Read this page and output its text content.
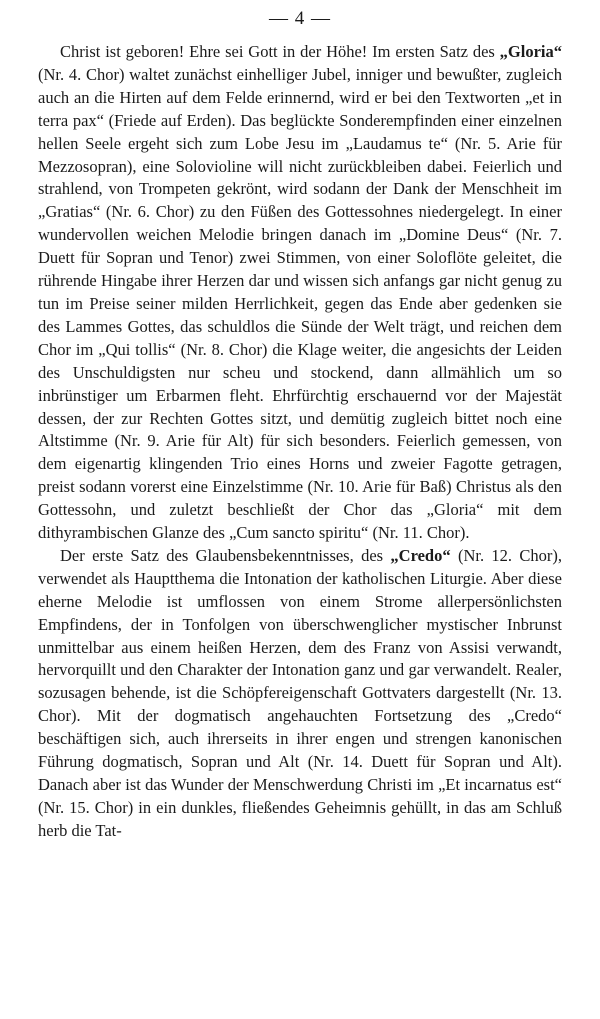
— 4 —

Christ ist geboren! Ehre sei Gott in der Höhe! Im ersten Satz des „Gloria“ (Nr. 4. Chor) waltet zunächst einhelliger Jubel, inniger und bewußter, zugleich auch an die Hirten auf dem Felde erinnernd, wird er bei den Textworten „et in terra pax“ (Friede auf Erden). Das beglückte Sonderempfinden einer einzelnen hellen Seele ergeht sich zum Lobe Jesu im „Laudamus te“ (Nr. 5. Arie für Mezzosopran), eine Solovioline will nicht zurückbleiben dabei. Feierlich und strahlend, von Trompeten gekrönt, wird sodann der Dank der Menschheit im „Gratias“ (Nr. 6. Chor) zu den Füßen des Gottessohnes niedergelegt. In einer wundervollen weichen Melodie bringen danach im „Domine Deus“ (Nr. 7. Duett für Sopran und Tenor) zwei Stimmen, von einer Soloflöte geleitet, die rührende Hingabe ihrer Herzen dar und wissen sich anfangs gar nicht genug zu tun im Preise seiner milden Herrlichkeit, gegen das Ende aber gedenken sie des Lammes Gottes, das schuldlos die Sünde der Welt trägt, und reichen dem Chor im „Qui tollis“ (Nr. 8. Chor) die Klage weiter, die angesichts der Leiden des Unschuldigsten nur scheu und stockend, dann allmählich um so inbrünstiger um Erbarmen fleht. Ehrfürchtig erschauernd vor der Majestät dessen, der zur Rechten Gottes sitzt, und demütig zugleich bittet noch eine Altstimme (Nr. 9. Arie für Alt) für sich besonders. Feierlich gemessen, von dem eigenartig klingenden Trio eines Horns und zweier Fagotte getragen, preist sodann vorerst eine Einzelstimme (Nr. 10. Arie für Baß) Christus als den Gottessohn, und zuletzt beschließt der Chor das „Gloria“ mit dem dithyrambischen Glanze des „Cum sancto spiritu“ (Nr. 11. Chor).

Der erste Satz des Glaubensbekenntnisses, des „Credo“ (Nr. 12. Chor), verwendet als Hauptthema die Intonation der katholischen Liturgie. Aber diese eherne Melodie ist umflossen von einem Strome allerpersönlichsten Empfindens, der in Tonfolgen von überschwenglicher mystischer Inbrunst unmittelbar aus einem heißen Herzen, dem des Franz von Assisi verwandt, hervorquillt und den Charakter der Intonation ganz und gar verwandelt. Realer, sozusagen behende, ist die Schöpfereigenschaft Gottvaters dargestellt (Nr. 13. Chor). Mit der dogmatisch angehauchten Fortsetzung des „Credo“ beschäftigen sich, auch ihrerseits in ihrer engen und strengen kanonischen Führung dogmatisch, Sopran und Alt (Nr. 14. Duett für Sopran und Alt). Danach aber ist das Wunder der Menschwerdung Christi im „Et incarnatus est“ (Nr. 15. Chor) in ein dunkles, fließendes Geheimnis gehüllt, in das am Schluß herb die Tat-
